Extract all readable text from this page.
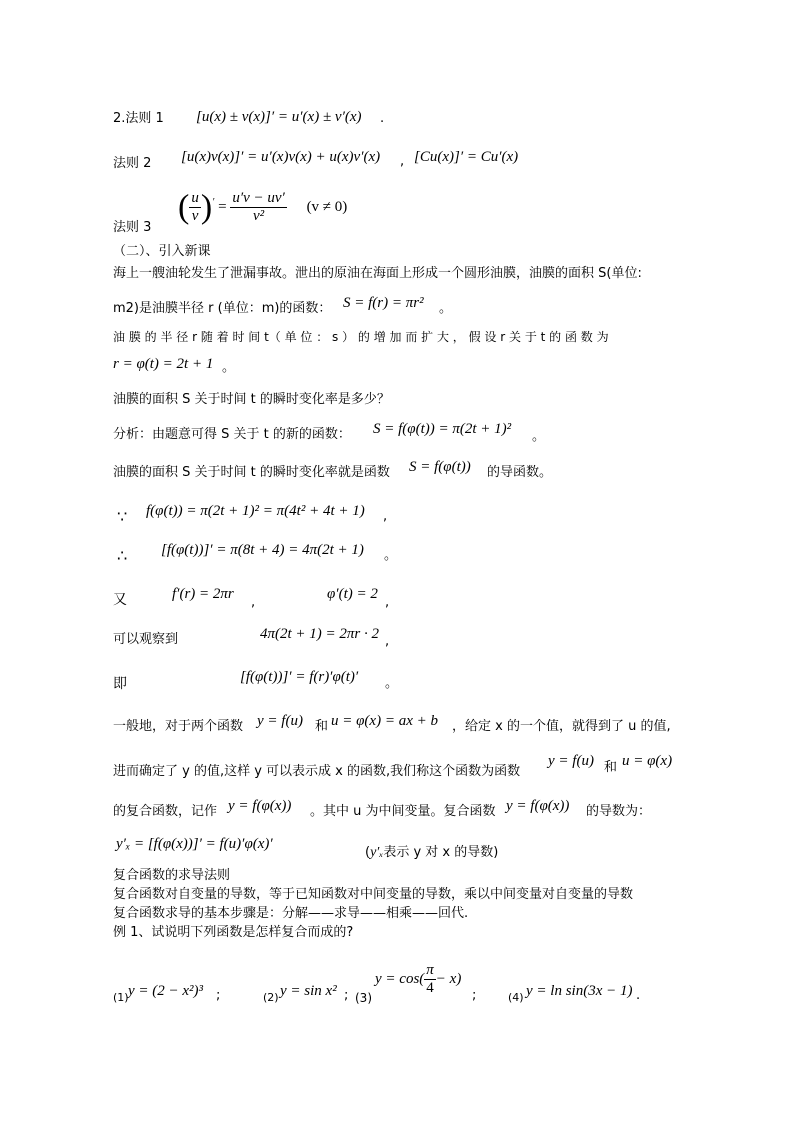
2.法则 1 [u(x) ± v(x)]′ = u′(x) ± v′(x) .
法则 2 [u(x)v(x)]′ = u′(x)v(x) + u(x)v′(x) , [Cu(x)]′ = Cu′(x)
法则 3
( $\frac{u}{v} )' = \frac{u'v - uv'}{\text{v²}} (v \ne 0)$
（二）、引入新课
海上一艘油轮发生了泄漏事故。泄出的原油在海面上形成一个圆形油膜，油膜的面积 S(单位:
m2)是油膜半径 r (单位：m)的函数： S = f(r) = πr² 。
油 膜 的 半 径 r 随 着 时 间 t（ 单 位 ： s ） 的 增 加 而 扩 大 ， 假 设 r 关 于 t 的 函 数 为
r = φ(t) = 2t + 1 。
油膜的面积 S 关于时间 t 的瞬时变化率是多少？
分析：由题意可得 S 关于 t 的新的函数： S = f(φ(t)) = π(2t + 1)² 。
油膜的面积 S 关于时间 t 的瞬时变化率就是函数 S = f(φ(t)) 的导函数。
∵ f(φ(t)) = π(2t + 1)² = π(4t² + 4t + 1) ,
∴ [f(φ(t))]′ = π(8t + 4) = 4π(2t + 1) 。
又	f′(r) = 2πr
,
φ′(t) = 2
,
可以观察到	4π(2t + 1) = 2πr · 2 ,
即	[f(φ(t))]′ = f(r)′φ(t)′ 。
一般地，对于两个函数 y = f(u) 和 u = φ(x) = ax + b ，给定 x 的一个值，就得到了 u 的值,
进而确定了 y 的值,这样 y 可以表示成 x 的函数,我们称这个函数为函数
y = f(u) 和 u = φ(x)
的复合函数，记作 y = f(φ(x)) 。其中 u 为中间变量。复合函数 y = f(φ(x)) 的导数为：
y′ₓ = [f(φ(x))]′ = f(u)′φ(x)′
(y′ₓ表示 y 对 x 的导数)
复合函数的求导法则
复合函数对自变量的导数，等于已知函数对中间变量的导数，乘以中间变量对自变量的导数
复合函数求导的基本步骤是：分解——求导——相乘——回代.
例 1、试说明下列函数是怎样复合而成的?
(1) y = (2 − x²)³ ;	(2) y = sin x² ; (3)
$y = \cos( \frac{\pi}{4} - x)$
;	(4) y = ln sin(3x − 1) .
